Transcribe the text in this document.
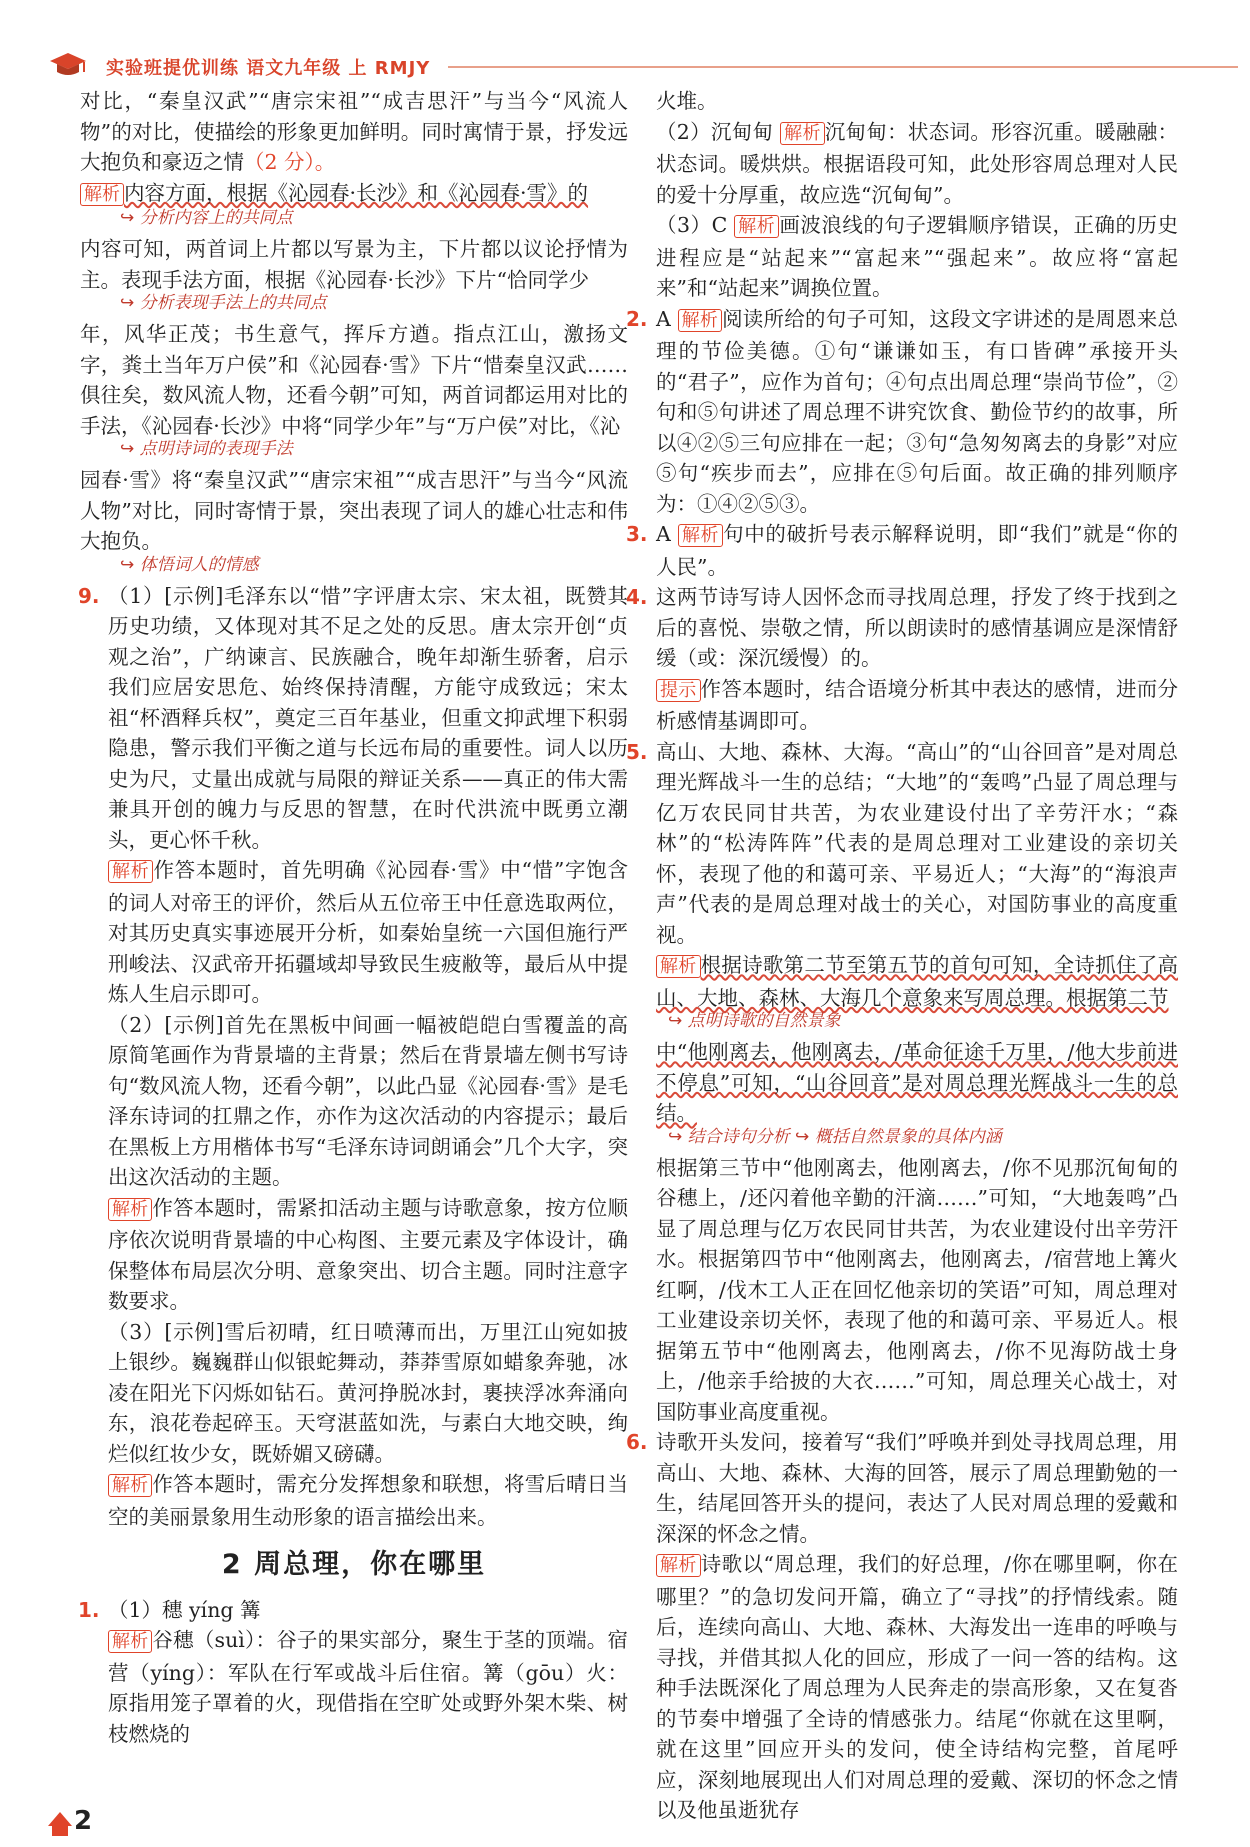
实验班提优训练 语文九年级 上 RMJY

对比，“秦皇汉武”“唐宗宋祖”“成吉思汗”与当今“风流人物”的对比，使描绘的形象更加鲜明。同时寓情于景，抒发远大抱负和豪迈之情（2 分）。

解析 内容方面，根据《沁园春·长沙》和《沁园春·雪》的

↪ 分析内容上的共同点

内容可知，两首词上片都以写景为主，下片都以议论抒情为主。表现手法方面，根据《沁园春·长沙》下片“恰同学少

↪ 分析表现手法上的共同点

年，风华正茂；书生意气，挥斥方遒。指点江山，激扬文字，粪土当年万户侯”和《沁园春·雪》下片“惜秦皇汉武……俱往矣，数风流人物，还看今朝”可知，两首词都运用对比的手法，《沁园春·长沙》中将“同学少年”与“万户侯”对比，《沁

↪ 点明诗词的表现手法

园春·雪》将“秦皇汉武”“唐宗宋祖”“成吉思汗”与当今“风流人物”对比，同时寄情于景，突出表现了词人的雄心壮志和伟大抱负。

↪ 体悟词人的情感

9. （1）[示例]毛泽东以“惜”字评唐太宗、宋太祖，既赞其历史功绩，又体现对其不足之处的反思。唐太宗开创“贞观之治”，广纳谏言、民族融合，晚年却渐生骄奢，启示我们应居安思危、始终保持清醒，方能守成致远；宋太祖“杯酒释兵权”，奠定三百年基业，但重文抑武埋下积弱隐患，警示我们平衡之道与长远布局的重要性。词人以历史为尺，丈量出成就与局限的辩证关系——真正的伟大需兼具开创的魄力与反思的智慧，在时代洪流中既勇立潮头，更心怀千秋。

解析 作答本题时，首先明确《沁园春·雪》中“惜”字饱含的词人对帝王的评价，然后从五位帝王中任意选取两位，对其历史真实事迹展开分析，如秦始皇统一六国但施行严刑峻法、汉武帝开拓疆域却导致民生疲敝等，最后从中提炼人生启示即可。

（2）[示例]首先在黑板中间画一幅被皑皑白雪覆盖的高原简笔画作为背景墙的主背景；然后在背景墙左侧书写诗句“数风流人物，还看今朝”，以此凸显《沁园春·雪》是毛泽东诗词的扛鼎之作，亦作为这次活动的内容提示；最后在黑板上方用楷体书写“毛泽东诗词朗诵会”几个大字，突出这次活动的主题。

解析 作答本题时，需紧扣活动主题与诗歌意象，按方位顺序依次说明背景墙的中心构图、主要元素及字体设计，确保整体布局层次分明、意象突出、切合主题。同时注意字数要求。

（3）[示例]雪后初晴，红日喷薄而出，万里江山宛如披上银纱。巍巍群山似银蛇舞动，莽莽雪原如蜡象奔驰，冰凌在阳光下闪烁如钻石。黄河挣脱冰封，裹挟浮冰奔涌向东，浪花卷起碎玉。天穹湛蓝如洗，与素白大地交映，绚烂似红妆少女，既娇媚又磅礴。

解析 作答本题时，需充分发挥想象和联想，将雪后晴日当空的美丽景象用生动形象的语言描绘出来。

2 周总理，你在哪里

1. （1）穗 yíng 篝

解析 谷穗（suì）：谷子的果实部分，聚生于茎的顶端。宿营（yíng）：军队在行军或战斗后住宿。篝（gōu）火：原指用笼子罩着的火，现借指在空旷处或野外架木柴、树枝燃烧的

火堆。

（2）沉甸甸 解析 沉甸甸：状态词。形容沉重。暖融融：状态词。暖烘烘。根据语段可知，此处形容周总理对人民的爱十分厚重，故应选“沉甸甸”。

（3）C 解析 画波浪线的句子逻辑顺序错误，正确的历史进程应是“站起来”“富起来”“强起来”。故应将“富起来”和“站起来”调换位置。

2. A 解析 阅读所给的句子可知，这段文字讲述的是周恩来总理的节俭美德。①句“谦谦如玉，有口皆碑”承接开头的“君子”，应作为首句；④句点出周总理“崇尚节俭”，②句和⑤句讲述了周总理不讲究饮食、勤俭节约的故事，所以④②⑤三句应排在一起；③句“急匆匆离去的身影”对应⑤句“疾步而去”，应排在⑤句后面。故正确的排列顺序为：①④②⑤③。

3. A 解析 句中的破折号表示解释说明，即“我们”就是“你的人民”。

4. 这两节诗写诗人因怀念而寻找周总理，抒发了终于找到之后的喜悦、崇敬之情，所以朗读时的感情基调应是深情舒缓（或：深沉缓慢）的。

提示 作答本题时，结合语境分析其中表达的感情，进而分析感情基调即可。

5. 高山、大地、森林、大海。“高山”的“山谷回音”是对周总理光辉战斗一生的总结；“大地”的“轰鸣”凸显了周总理与亿万农民同甘共苦，为农业建设付出了辛劳汗水；“森林”的“松涛阵阵”代表的是周总理对工业建设的亲切关怀，表现了他的和蔼可亲、平易近人；“大海”的“海浪声声”代表的是周总理对战士的关心，对国防事业的高度重视。

解析 根据诗歌第二节至第五节的首句可知，全诗抓住了高山、大地、森林、大海几个意象来写周总理。根据第二节

↪ 点明诗歌的自然景象

中“他刚离去，他刚离去，/革命征途千万里，/他大步前进不停息”可知，“山谷回音”是对周总理光辉战斗一生的总结。

↪ 结合诗句分析 ↪ 概括自然景象的具体内涵

根据第三节中“他刚离去，他刚离去，/你不见那沉甸甸的谷穗上，/还闪着他辛勤的汗滴……”可知，“大地轰鸣”凸显了周总理与亿万农民同甘共苦，为农业建设付出辛劳汗水。根据第四节中“他刚离去，他刚离去，/宿营地上篝火红啊，/伐木工人正在回忆他亲切的笑语”可知，周总理对工业建设亲切关怀，表现了他的和蔼可亲、平易近人。根据第五节中“他刚离去，他刚离去，/你不见海防战士身上，/他亲手给披的大衣……”可知，周总理关心战士，对国防事业高度重视。

6. 诗歌开头发问，接着写“我们”呼唤并到处寻找周总理，用高山、大地、森林、大海的回答，展示了周总理勤勉的一生，结尾回答开头的提问，表达了人民对周总理的爱戴和深深的怀念之情。

解析 诗歌以“周总理，我们的好总理，/你在哪里啊，你在哪里？”的急切发问开篇，确立了“寻找”的抒情线索。随后，连续向高山、大地、森林、大海发出一连串的呼唤与寻找，并借其拟人化的回应，形成了一问一答的结构。这种手法既深化了周总理为人民奔走的崇高形象，又在复沓的节奏中增强了全诗的情感张力。结尾“你就在这里啊，就在这里”回应开头的发问，使全诗结构完整，首尾呼应，深刻地展现出人们对周总理的爱戴、深切的怀念之情以及他虽逝犹存

2
